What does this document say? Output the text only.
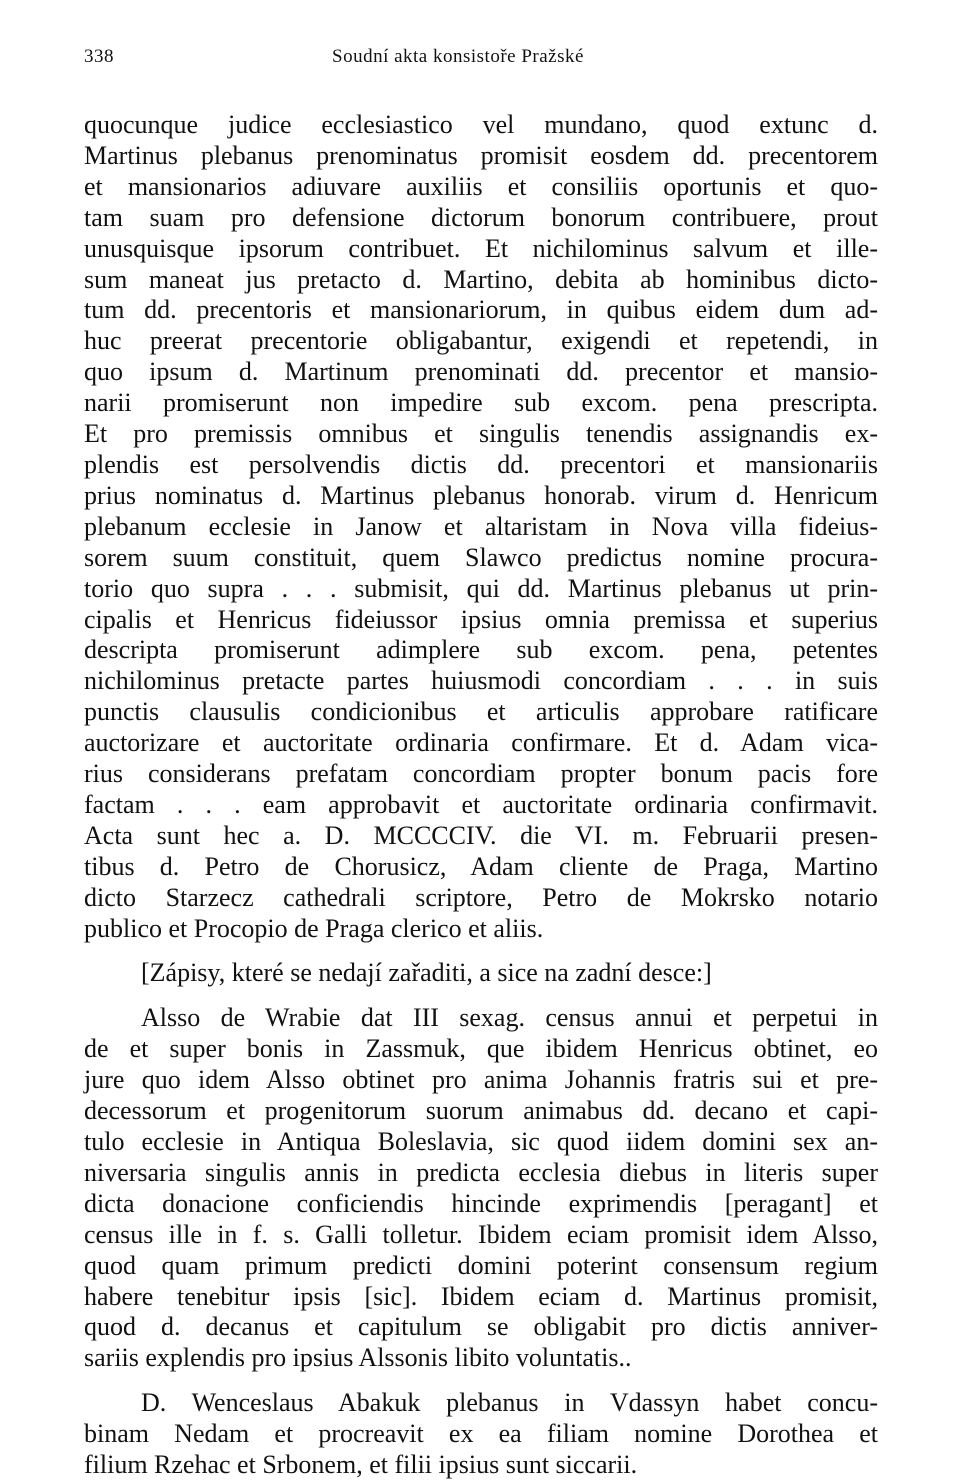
338	Soudní akta konsistoře Pražské
quocunque judice ecclesiastico vel mundano, quod extunc d.
Martinus plebanus prenominatus promisit eosdem dd. precentorem
et mansionarios adiuvare auxiliis et consiliis oportunis et quo-
tam suam pro defensione dictorum bonorum contribuere, prout
unusquisque ipsorum contribuet. Et nichilominus salvum et ille-
sum maneat jus pretacto d. Martino, debita ab hominibus dicto-
tum dd. precentoris et mansionariorum, in quibus eidem dum ad-
huc preerat precentorie obligabantur, exigendi et repetendi, in
quo ipsum d. Martinum prenominati dd. precentor et mansio-
narii promiserunt non impedire sub excom. pena prescripta.
Et pro premissis omnibus et singulis tenendis assignandis ex-
plendis est persolvendis dictis dd. precentori et mansionariis
prius nominatus d. Martinus plebanus honorab. virum d. Henricum
plebanum ecclesie in Janow et altaristam in Nova villa fideius-
sorem suum constituit, quem Slawco predictus nomine procura-
torio quo supra . . . submisit, qui dd. Martinus plebanus ut prin-
cipalis et Henricus fideiussor ipsius omnia premissa et superius
descripta promiserunt adimplere sub excom. pena, petentes
nichilominus pretacte partes huiusmodi concordiam . . . in suis
punctis clausulis condicionibus et articulis approbare ratificare
auctorizare et auctoritate ordinaria confirmare. Et d. Adam vica-
rius considerans prefatam concordiam propter bonum pacis fore
factam . . . eam approbavit et auctoritate ordinaria confirmavit.
Acta sunt hec a. D. MCCCCIV. die VI. m. Februarii presen-
tibus d. Petro de Chorusicz, Adam cliente de Praga, Martino
dicto Starzecz cathedrali scriptore, Petro de Mokrsko notario
publico et Procopio de Praga clerico et aliis.
[Zápisy, které se nedají zařaditi, a sice na zadní desce:]
Alsso de Wrabie dat III sexag. census annui et perpetui in
de et super bonis in Zassmuk, que ibidem Henricus obtinet, eo
jure quo idem Alsso obtinet pro anima Johannis fratris sui et pre-
decessorum et progenitorum suorum animabus dd. decano et capi-
tulo ecclesie in Antiqua Boleslavia, sic quod iidem domini sex an-
niversaria singulis annis in predicta ecclesia diebus in literis super
dicta donacione conficiendis hincinde exprimendis [peragant] et
census ille in f. s. Galli tolletur. Ibidem eciam promisit idem Alsso,
quod quam primum predicti domini poterint consensum regium
habere tenebitur ipsis [sic]. Ibidem eciam d. Martinus promisit,
quod d. decanus et capitulum se obligabit pro dictis anniver-
sariis explendis pro ipsius Alssonis libito voluntatis..
D. Wenceslaus Abakuk plebanus in Vdassyn habet concu-
binam Nedam et procreavit ex ea filiam nomine Dorothea et
filium Rzehac et Srbonem, et filii ipsius sunt siccarii.
